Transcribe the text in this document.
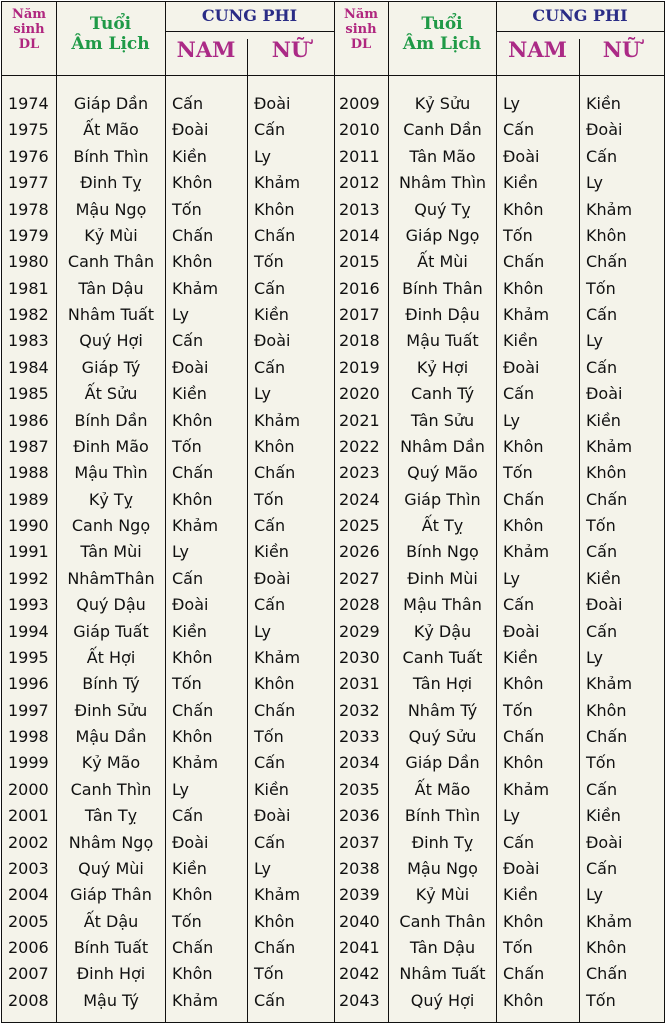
Năm
sinh
DL
Tuổi
Âm Lịch
CUNG PHI
NAM	NỮ
Năm
sinh
DL
Tuổi
Âm Lịch
CUNG PHI
NAM	NỮ
1974
1975
1976
1977
1978
1979
1980
1981
1982
1983
1984
1985
1986
1987
1988
1989
1990
1991
1992
1993
1994
1995
1996
1997
1998
1999
2000
2001
2002
2003
2004
2005
2006
2007
2008
Giáp Dần
Ất Mão
Bính Thìn
Đinh Tỵ
Mậu Ngọ
Kỷ Mùi
Canh Thân
Tân Dậu
Nhâm Tuất
Quý Hợi
Giáp Tý
Ất Sửu
Bính Dần
Đinh Mão
Mậu Thìn
Kỷ Tỵ
Canh Ngọ
Tân Mùi
NhâmThân
Quý Dậu
Giáp Tuất
Ất Hợi
Bính Tý
Đinh Sửu
Mậu Dần
Kỷ Mão
Canh Thìn
Tân Tỵ
Nhâm Ngọ
Quý Mùi
Giáp Thân
Ất Dậu
Bính Tuất
Đinh Hợi
Mậu Tý
Cấn
Đoài
Kiền
Khôn
Tốn
Chấn
Khôn
Khảm
Ly
Cấn
Đoài
Kiền
Khôn
Tốn
Chấn
Khôn
Khảm
Ly
Cấn
Đoài
Kiền
Khôn
Tốn
Chấn
Khôn
Khảm
Ly
Cấn
Đoài
Kiền
Khôn
Tốn
Chấn
Khôn
Khảm
Đoài
Cấn
Ly
Khảm
Khôn
Chấn
Tốn
Cấn
Kiền
Đoài
Cấn
Ly
Khảm
Khôn
Chấn
Tốn
Cấn
Kiền
Đoài
Cấn
Ly
Khảm
Khôn
Chấn
Tốn
Cấn
Kiền
Đoài
Cấn
Ly
Khảm
Khôn
Chấn
Tốn
Cấn
2009
2010
2011
2012
2013
2014
2015
2016
2017
2018
2019
2020
2021
2022
2023
2024
2025
2026
2027
2028
2029
2030
2031
2032
2033
2034
2035
2036
2037
2038
2039
2040
2041
2042
2043
Kỷ Sửu
Canh Dần
Tân Mão
Nhâm Thìn
Quý Tỵ
Giáp Ngọ
Ất Mùi
Bính Thân
Đinh Dậu
Mậu Tuất
Kỷ Hợi
Canh Tý
Tân Sửu
Nhâm Dần
Quý Mão
Giáp Thìn
Ất Tỵ
Bính Ngọ
Đinh Mùi
Mậu Thân
Kỷ Dậu
Canh Tuất
Tân Hợi
Nhâm Tý
Quý Sửu
Giáp Dần
Ất Mão
Bính Thìn
Đinh Tỵ
Mậu Ngọ
Kỷ Mùi
Canh Thân
Tân Dậu
Nhâm Tuất
Quý Hợi
Ly
Cấn
Đoài
Kiền
Khôn
Tốn
Chấn
Khôn
Khảm
Kiền
Đoài
Cấn
Ly
Khôn
Tốn
Chấn
Khôn
Khảm
Ly
Cấn
Đoài
Kiền
Khôn
Tốn
Chấn
Khôn
Khảm
Ly
Cấn
Đoài
Kiền
Khôn
Tốn
Chấn
Khôn
Kiền
Đoài
Cấn
Ly
Khảm
Khôn
Chấn
Tốn
Cấn
Ly
Cấn
Đoài
Kiền
Khảm
Khôn
Chấn
Tốn
Cấn
Kiền
Đoài
Cấn
Ly
Khảm
Khôn
Chấn
Tốn
Cấn
Kiền
Đoài
Cấn
Ly
Khảm
Khôn
Chấn
Tốn
